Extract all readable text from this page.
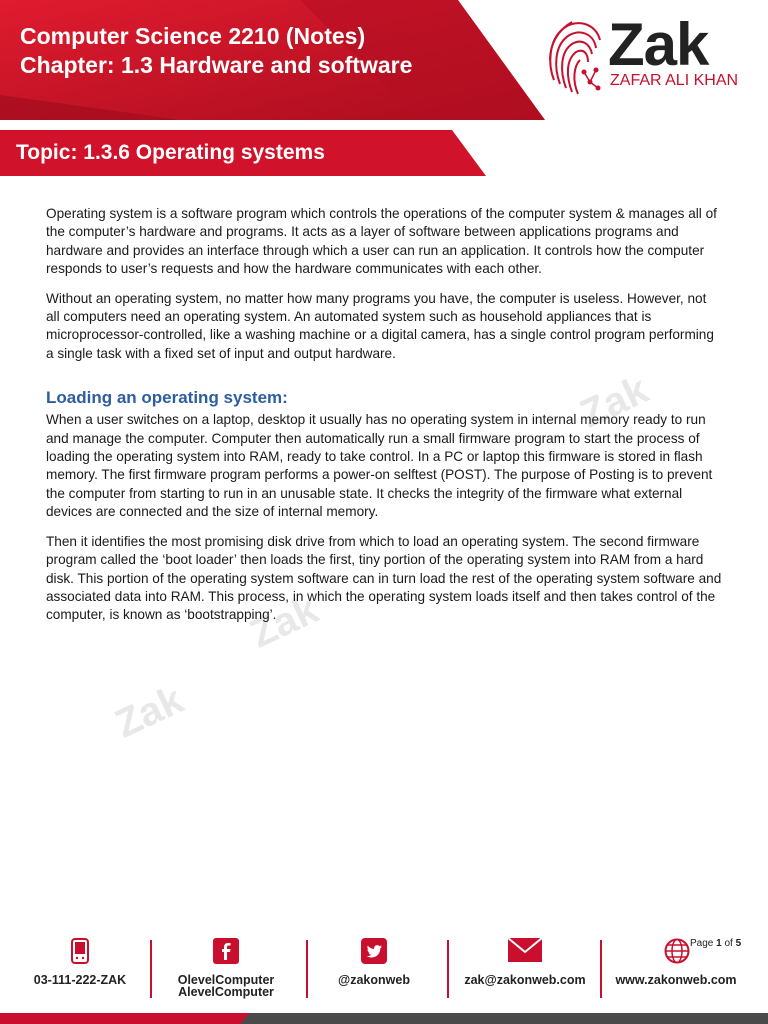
Computer Science 2210 (Notes)
Chapter: 1.3 Hardware and software	Zak
ZAFAR ALI KHAN
Topic: 1.3.6 Operating systems
Zak
Zak
Zak

Operating system is a software program which controls the operations of the computer system & manages all of the computer’s hardware and programs. It acts as a layer of software between applications programs and hardware and provides an interface through which a user can run an application. It controls how the computer responds to user’s requests and how the hardware communicates with each other.

Without an operating system, no matter how many programs you have, the computer is useless. However, not all computers need an operating system. An automated system such as household appliances that is microprocessor-controlled, like a washing machine or a digital camera, has a single control program performing a single task with a fixed set of input and output hardware.

Loading an operating system:

When a user switches on a laptop, desktop it usually has no operating system in internal memory ready to run and manage the computer. Computer then automatically run a small firmware program to start the process of loading the operating system into RAM, ready to take control. In a PC or laptop this firmware is stored in flash memory. The first firmware program performs a power-on selftest (POST). The purpose of Posting is to prevent the computer from starting to run in an unusable state. It checks the integrity of the firmware what external devices are connected and the size of internal memory.

Then it identifies the most promising disk drive from which to load an operating system. The second firmware program called the ‘boot loader’ then loads the first, tiny portion of the operating system into RAM from a hard disk. This portion of the operating system software can in turn load the rest of the operating system software and associated data into RAM. This process, in which the operating system loads itself and then takes control of the computer, is known as ‘bootstrapping’.

03-111-222-ZAK	OlevelComputer
AlevelComputer
@zakonweb	zak@zakonweb.com	www.zakonweb.com
Page 1 of 5
